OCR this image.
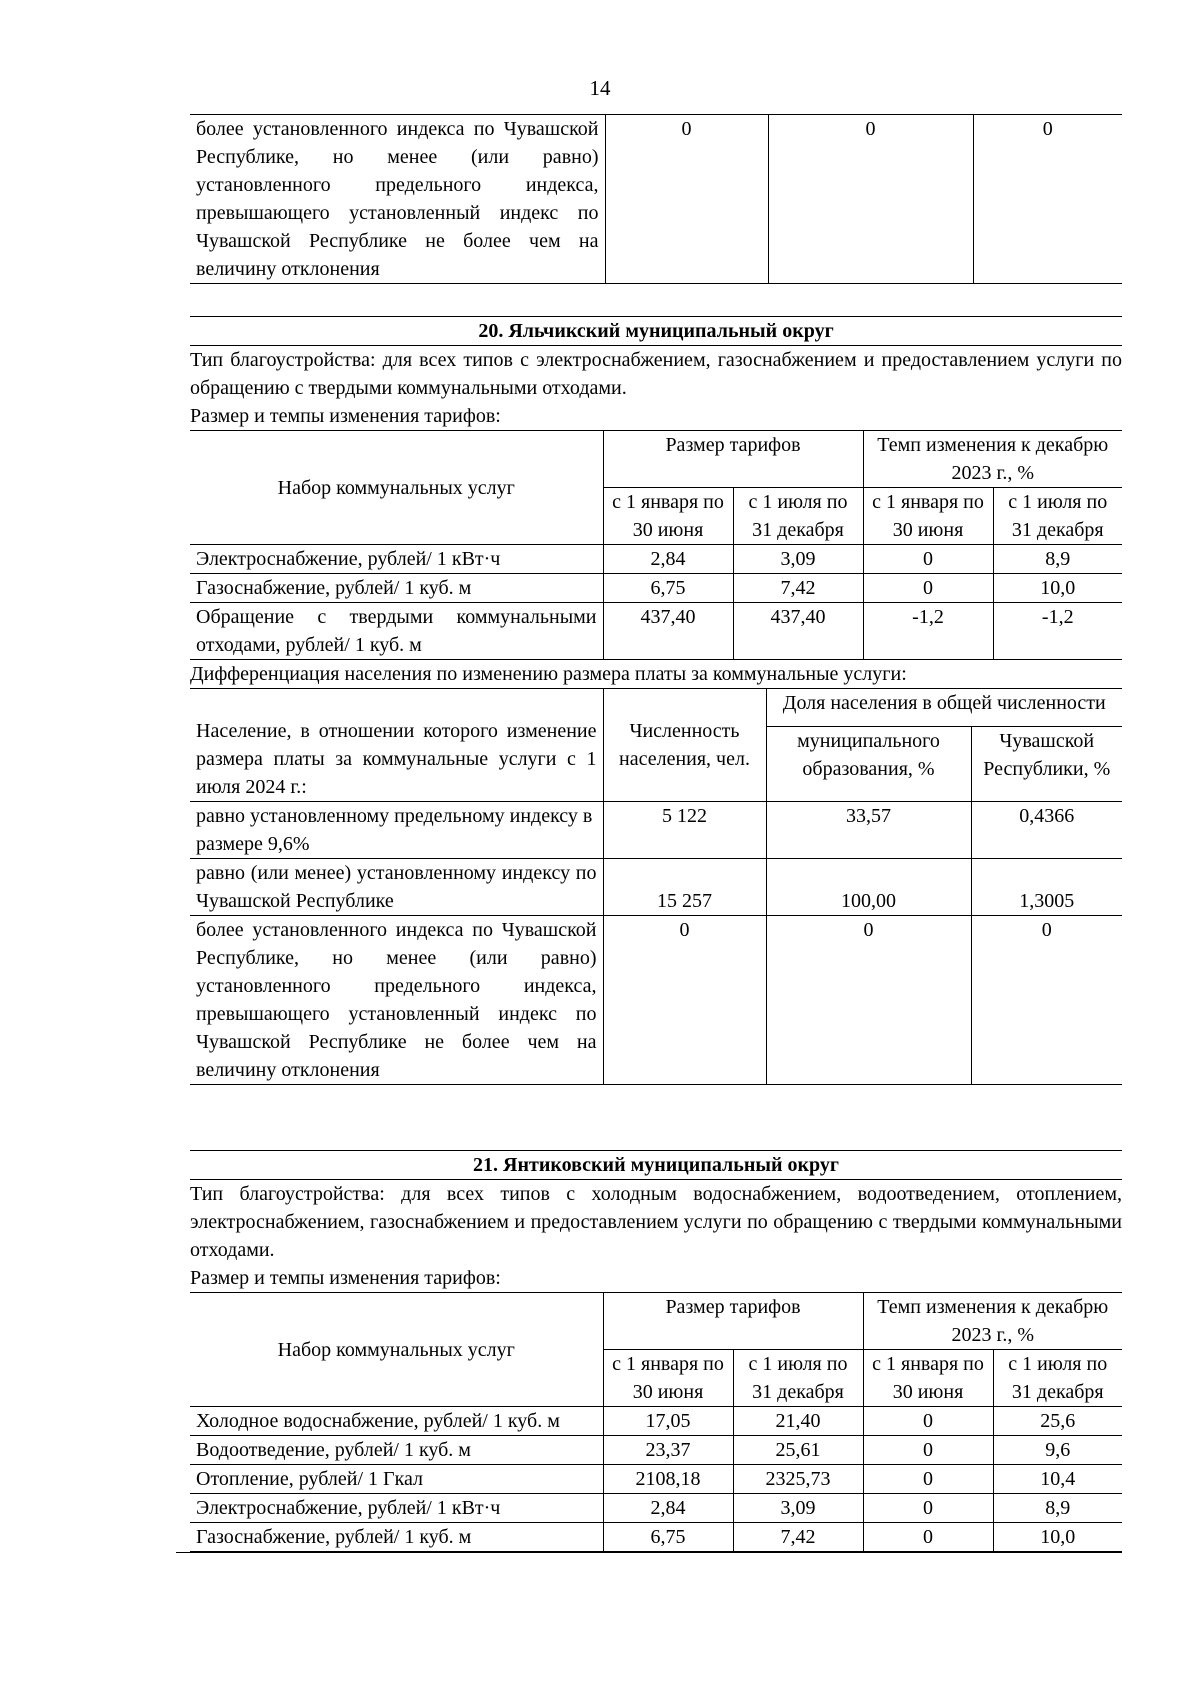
14
более установленного индекса по Чувашской Республике, но менее (или равно) установленного предельного индекса, превышающего установленный индекс по Чувашской Республике не более чем на величину отклонения	0	0	0
20. Яльчикский муниципальный округ
Тип благоустройства: для всех типов с электроснабжением, газоснабжением и предоставлением услуги по обращению с твердыми коммунальными отходами.
Размер и темпы изменения тарифов:
Набор коммунальных услуг	Размер тарифов		Темп изменения к декабрю 2023 г., %	
	с 1 января по 30 июня	с 1 июля по 31 декабря	с 1 января по 30 июня	с 1 июля по 31 декабря
Электроснабжение, рублей/ 1 кВт·ч	2,84	3,09	0	8,9
Газоснабжение, рублей/ 1 куб. м	6,75	7,42	0	10,0
Обращение с твердыми коммунальными отходами, рублей/ 1 куб. м	437,40	437,40	-1,2	-1,2
Дифференциация населения по изменению размера платы за коммунальные услуги:
Население, в отношении которого изменение размера платы за коммунальные услуги с 1 июля 2024 г.:	Численность населения, чел.	Доля населения в общей численности	
		муниципального образования, %	Чувашской Республики, %
равно установленному предельному индексу в размере 9,6%	5 122	33,57	0,4366
равно (или менее) установленному индексу по Чувашской Республике	15 257	100,00	1,3005
более установленного индекса по Чувашской Республике, но менее (или равно) установленного предельного индекса, превышающего установленный индекс по Чувашской Республике не более чем на величину отклонения	0	0	0
21. Янтиковский муниципальный округ
Тип благоустройства: для всех типов с холодным водоснабжением, водоотведением, отоплением, электроснабжением, газоснабжением и предоставлением услуги по обращению с твердыми коммунальными отходами.
Размер и темпы изменения тарифов:
Набор коммунальных услуг	Размер тарифов		Темп изменения к декабрю 2023 г., %	
	с 1 января по 30 июня	с 1 июля по 31 декабря	с 1 января по 30 июня	с 1 июля по 31 декабря
Холодное водоснабжение, рублей/ 1 куб. м	17,05	21,40	0	25,6
Водоотведение, рублей/ 1 куб. м	23,37	25,61	0	9,6
Отопление, рублей/ 1 Гкал	2108,18	2325,73	0	10,4
Электроснабжение, рублей/ 1 кВт·ч	2,84	3,09	0	8,9
Газоснабжение, рублей/ 1 куб. м	6,75	7,42	0	10,0
